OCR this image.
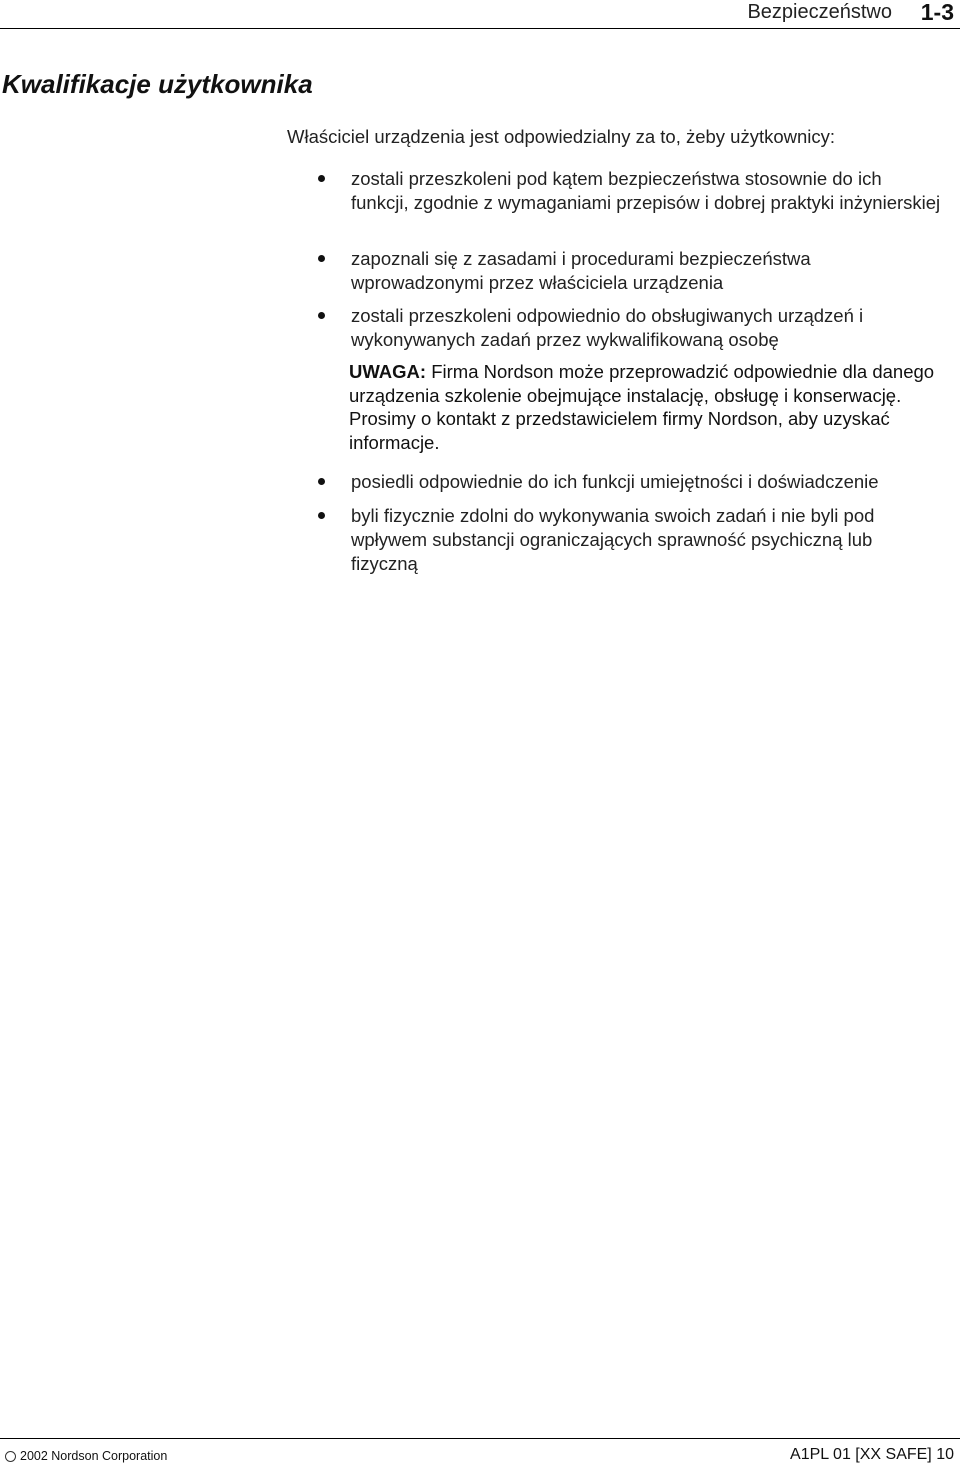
Bezpieczeństwo 1-3
Kwalifikacje użytkownika

Właściciel urządzenia jest odpowiedzialny za to, żeby użytkownicy:

zostali przeszkoleni pod kątem bezpieczeństwa stosownie do ich funkcji, zgodnie z wymaganiami przepisów i dobrej praktyki inżynierskiej
zapoznali się z zasadami i procedurami bezpieczeństwa wprowadzonymi przez właściciela urządzenia
zostali przeszkoleni odpowiednio do obsługiwanych urządzeń i wykonywanych zadań przez wykwalifikowaną osobę
posiedli odpowiednie do ich funkcji umiejętności i doświadczenie
byli fizycznie zdolni do wykonywania swoich zadań i nie byli pod wpływem substancji ograniczających sprawność psychiczną lub fizyczną
UWAGA: Firma Nordson może przeprowadzić odpowiednie dla danego urządzenia szkolenie obejmujące instalację, obsługę i konserwację. Prosimy o kontakt z przedstawicielem firmy Nordson, aby uzyskać informacje.
2002 Nordson Corporation	A1PL 01 [XX SAFE] 10
